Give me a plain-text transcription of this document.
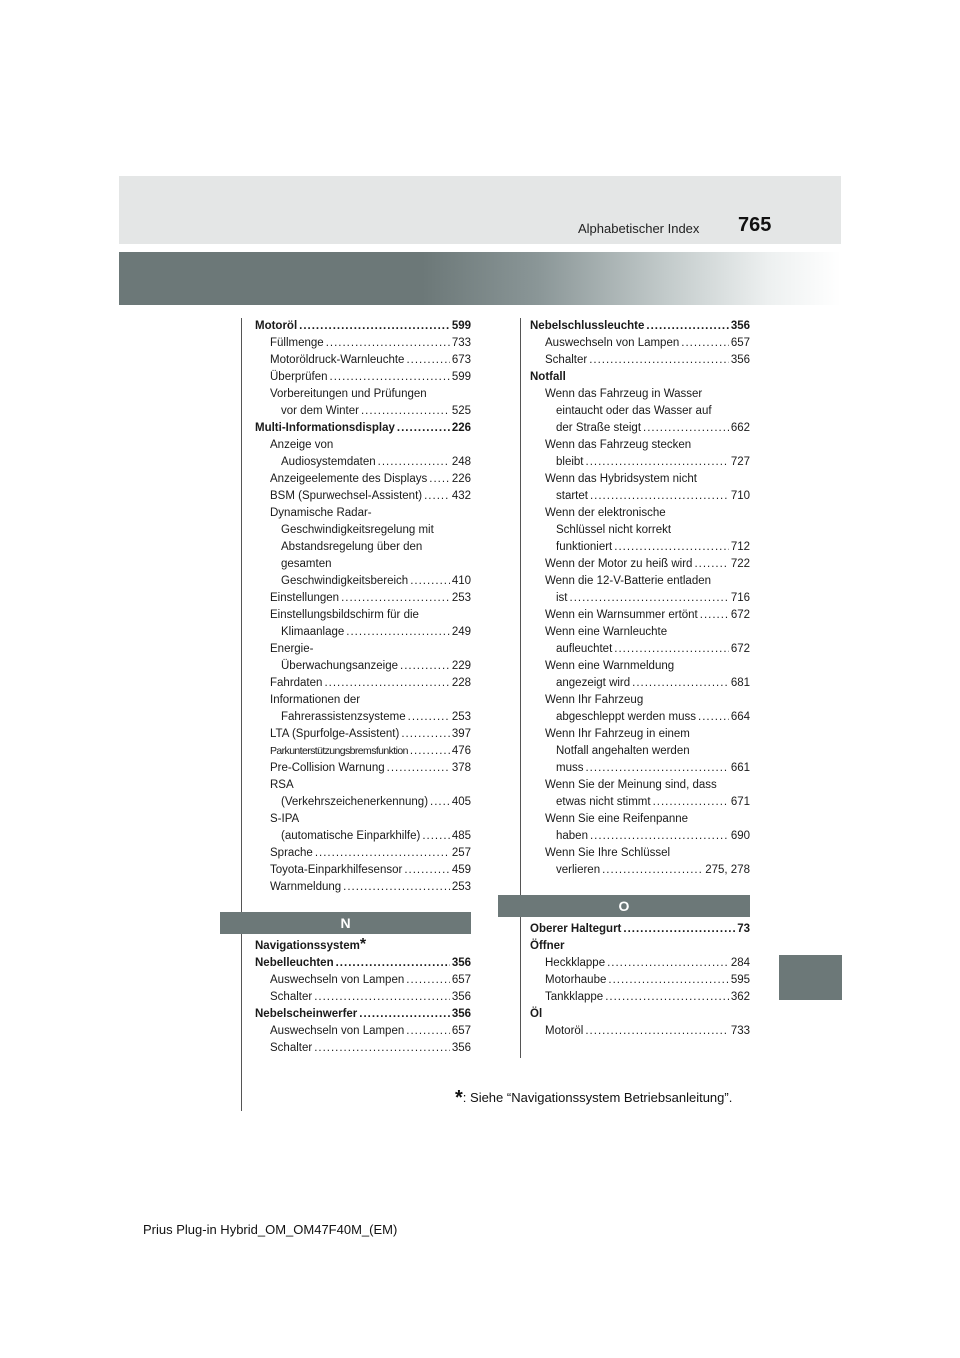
Alphabetischer Index 765
Motoröl .....	599
Füllmenge .....	733
Motoröldruck-Warnleuchte .....	673
Überprüfen .....	599
Vorbereitungen und Prüfungen
vor dem Winter .....	525
Multi-Informationsdisplay .....	226
Anzeige von
Audiosystemdaten .....	248
Anzeigeelemente des Displays ..... 226
BSM (Spurwechsel-Assistent) .....	432
Dynamische Radar-
Geschwindigkeitsregelung mit
Abstandsregelung über den
gesamten
Geschwindigkeitsbereich .....	410
Einstellungen .....	253
Einstellungsbildschirm für die
Klimaanlage .....	249
Energie-
Überwachungsanzeige .....	229
Fahrdaten .....	228
Informationen der
Fahrerassistenzsysteme .....	253
LTA (Spurfolge-Assistent) .....	397
Parkunterstützungsbremsfunktion .....	476
Pre-Collision Warnung .....	378
RSA
(Verkehrszeichenerkennung) ..... 405
S-IPA
(automatische Einparkhilfe) .....	485
Sprache .....	257
Toyota-Einparkhilfesensor .....	459
Warnmeldung .....	253
N
Navigationssystem *
Nebelleuchten .....	356
Auswechseln von Lampen .....	657
Schalter .....	356
Nebelscheinwerfer .....	356
Auswechseln von Lampen .....	657
Schalter .....	356
Nebelschlussleuchte .....	356
Auswechseln von Lampen .....	657
Schalter .....	356
Notfall
Wenn das Fahrzeug in Wasser
eintaucht oder das Wasser auf
der Straße steigt .....	662
Wenn das Fahrzeug stecken
bleibt .....	727
Wenn das Hybridsystem nicht
startet .....	710
Wenn der elektronische
Schlüssel nicht korrekt
funktioniert .....	712
Wenn der Motor zu heiß wird .....	722
Wenn die 12-V-Batterie entladen
ist .....	716
Wenn ein Warnsummer ertönt .....	672
Wenn eine Warnleuchte
aufleuchtet .....	672
Wenn eine Warnmeldung
angezeigt wird .....	681
Wenn Ihr Fahrzeug
abgeschleppt werden muss .....	664
Wenn Ihr Fahrzeug in einem
Notfall angehalten werden
muss .....	661
Wenn Sie der Meinung sind, dass
etwas nicht stimmt .....	671
Wenn Sie eine Reifenpanne
haben .....	690
Wenn Sie Ihre Schlüssel
verlieren .....	275, 278
O
Oberer Haltegurt .....	73
Öffner
Heckklappe .....	284
Motorhaube .....	595
Tankklappe .....	362
Öl
Motoröl .....	733
*: Siehe “Navigationssystem Betriebsanleitung”.
Prius Plug-in Hybrid_OM_OM47F40M_(EM)
